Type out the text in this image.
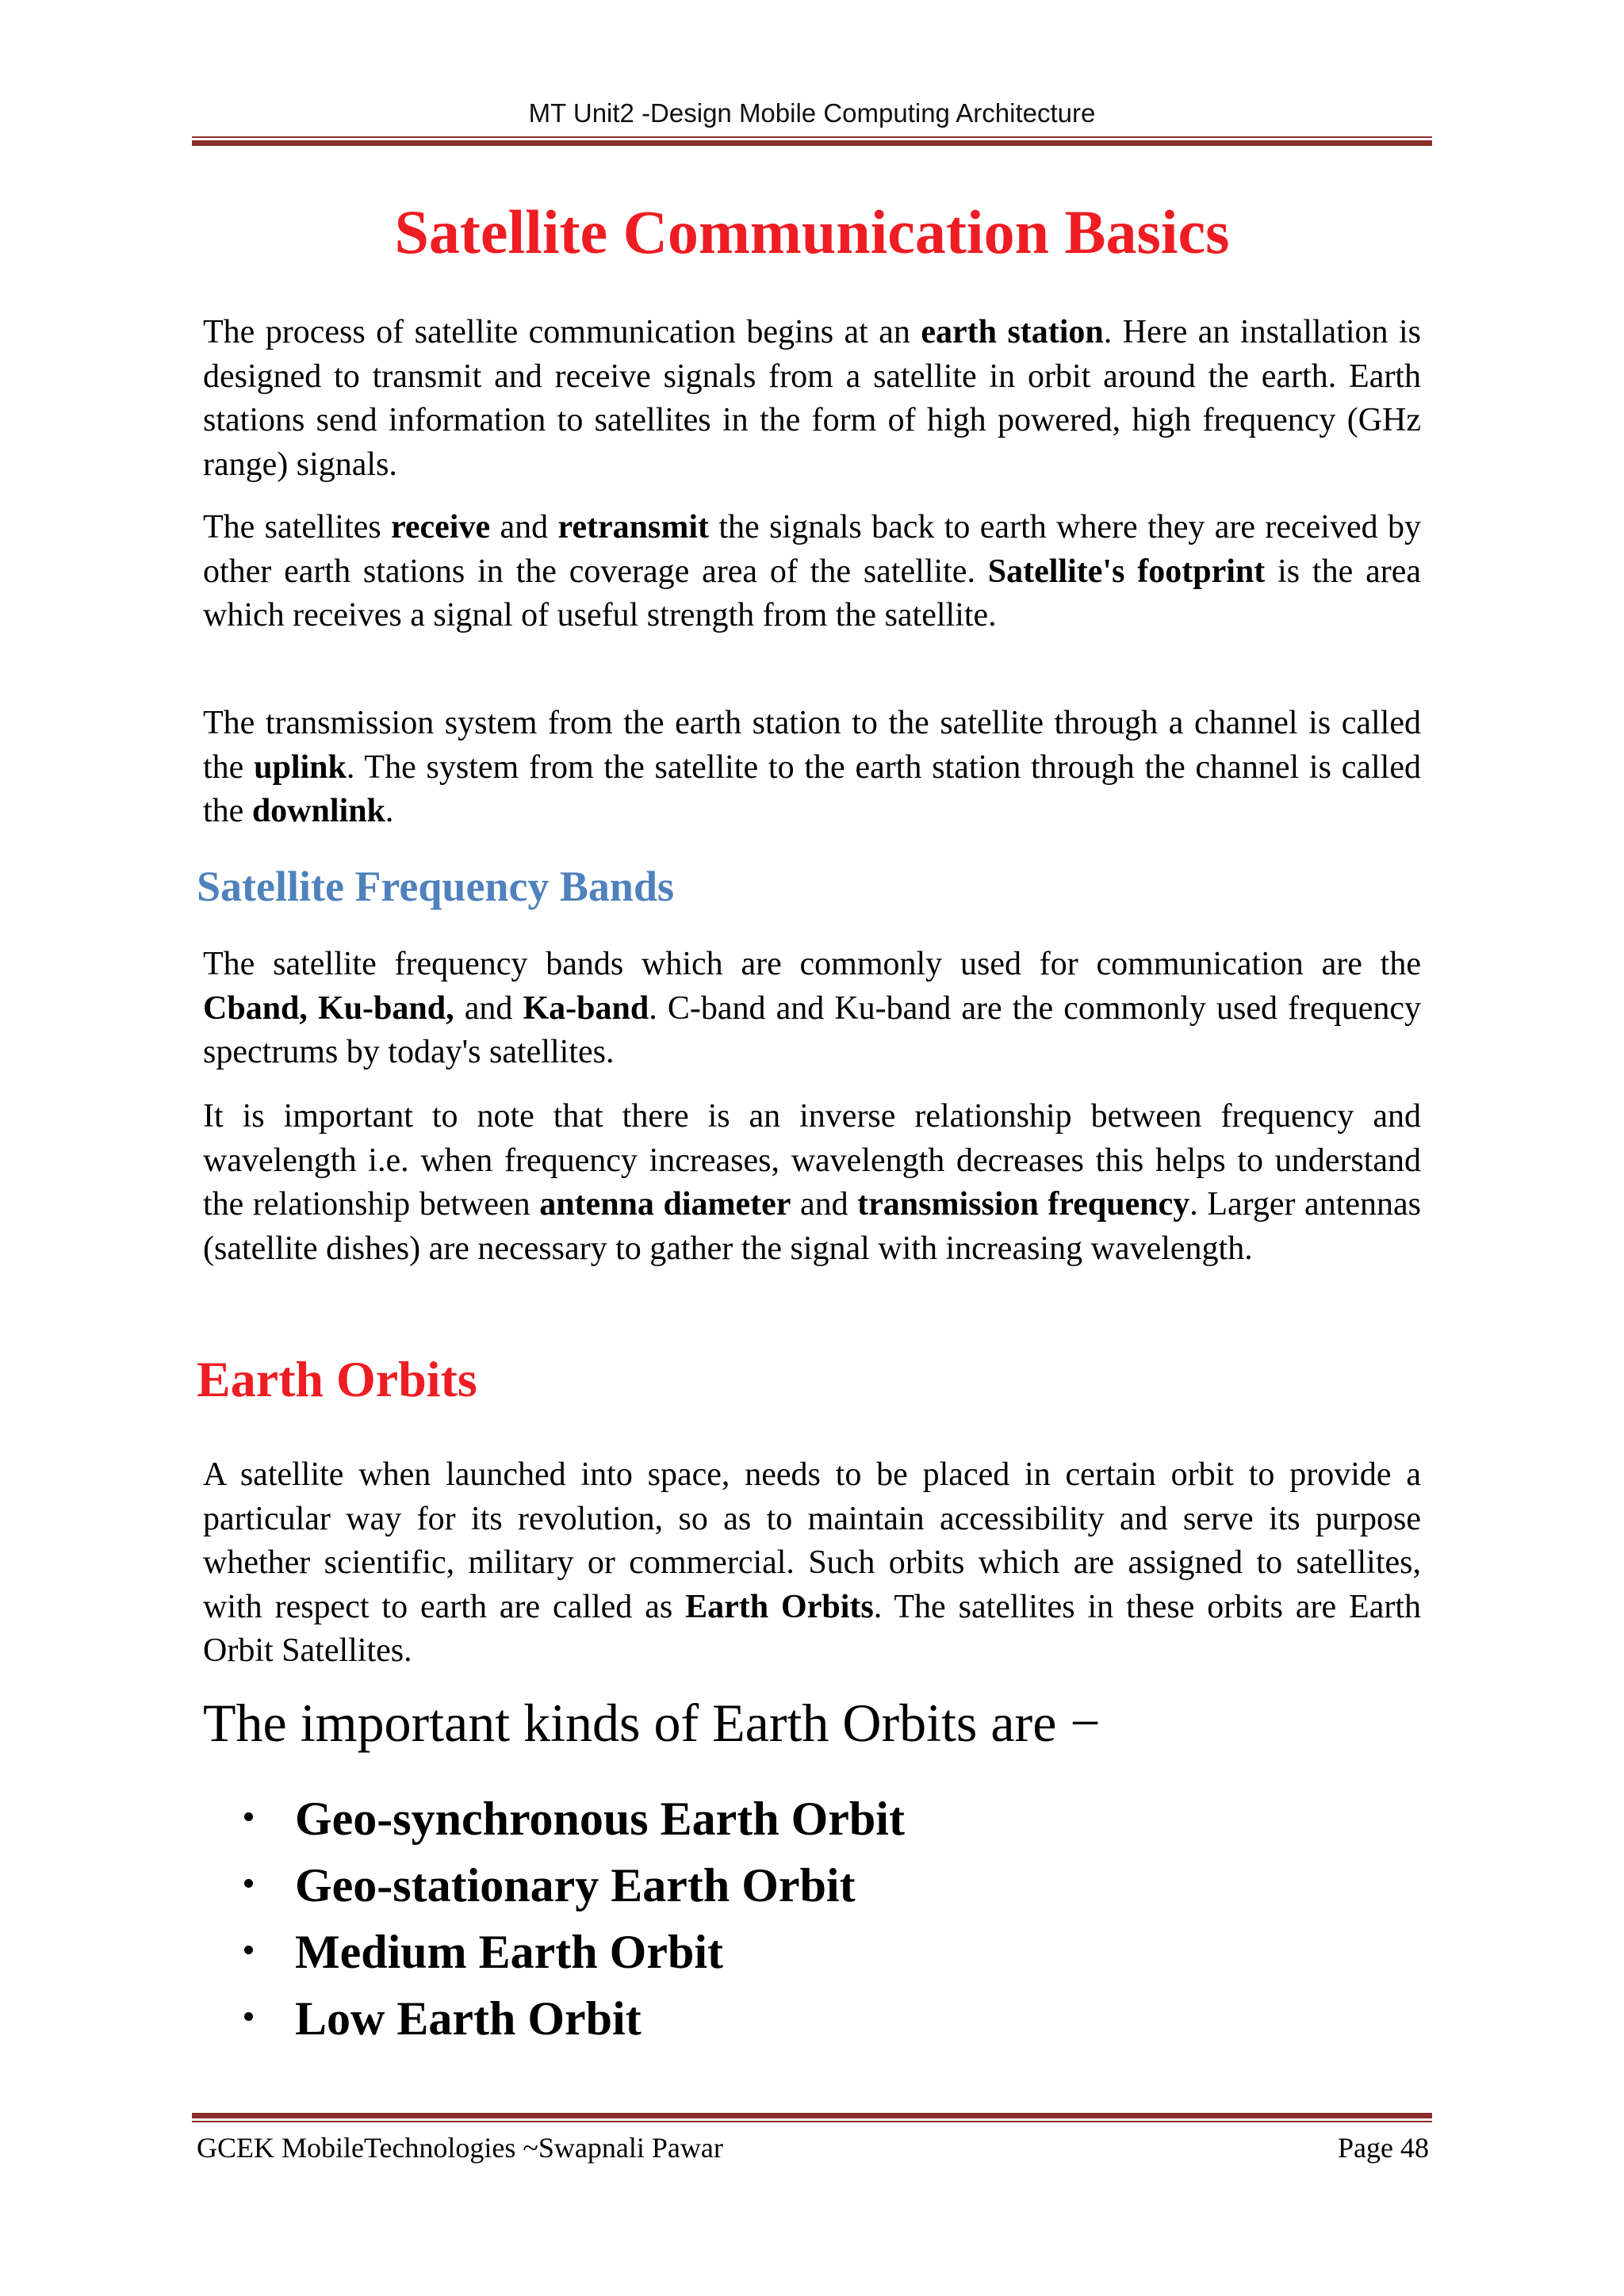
MT Unit2 -Design Mobile Computing Architecture
Satellite Communication Basics

The process of satellite communication begins at an earth station. Here an installation is designed to transmit and receive signals from a satellite in orbit around the earth. Earth stations send information to satellites in the form of high powered, high frequency (GHz range) signals.

The satellites receive and retransmit the signals back to earth where they are received by other earth stations in the coverage area of the satellite. Satellite's footprint is the area which receives a signal of useful strength from the satellite.

The transmission system from the earth station to the satellite through a channel is called the uplink. The system from the satellite to the earth station through the channel is called the downlink.

Satellite Frequency Bands

The satellite frequency bands which are commonly used for communication are the Cband, Ku-band, and Ka-band. C-band and Ku-band are the commonly used frequency spectrums by today's satellites.

It is important to note that there is an inverse relationship between frequency and wavelength i.e. when frequency increases, wavelength decreases this helps to understand the relationship between antenna diameter and transmission frequency. Larger antennas (satellite dishes) are necessary to gather the signal with increasing wavelength.

Earth Orbits

A satellite when launched into space, needs to be placed in certain orbit to provide a particular way for its revolution, so as to maintain accessibility and serve its purpose whether scientific, military or commercial. Such orbits which are assigned to satellites, with respect to earth are called as Earth Orbits. The satellites in these orbits are Earth Orbit Satellites.

The important kinds of Earth Orbits are −
Geo-synchronous Earth Orbit
Geo-stationary Earth Orbit
Medium Earth Orbit
Low Earth Orbit
GCEK MobileTechnologies ~Swapnali Pawar	Page 48
